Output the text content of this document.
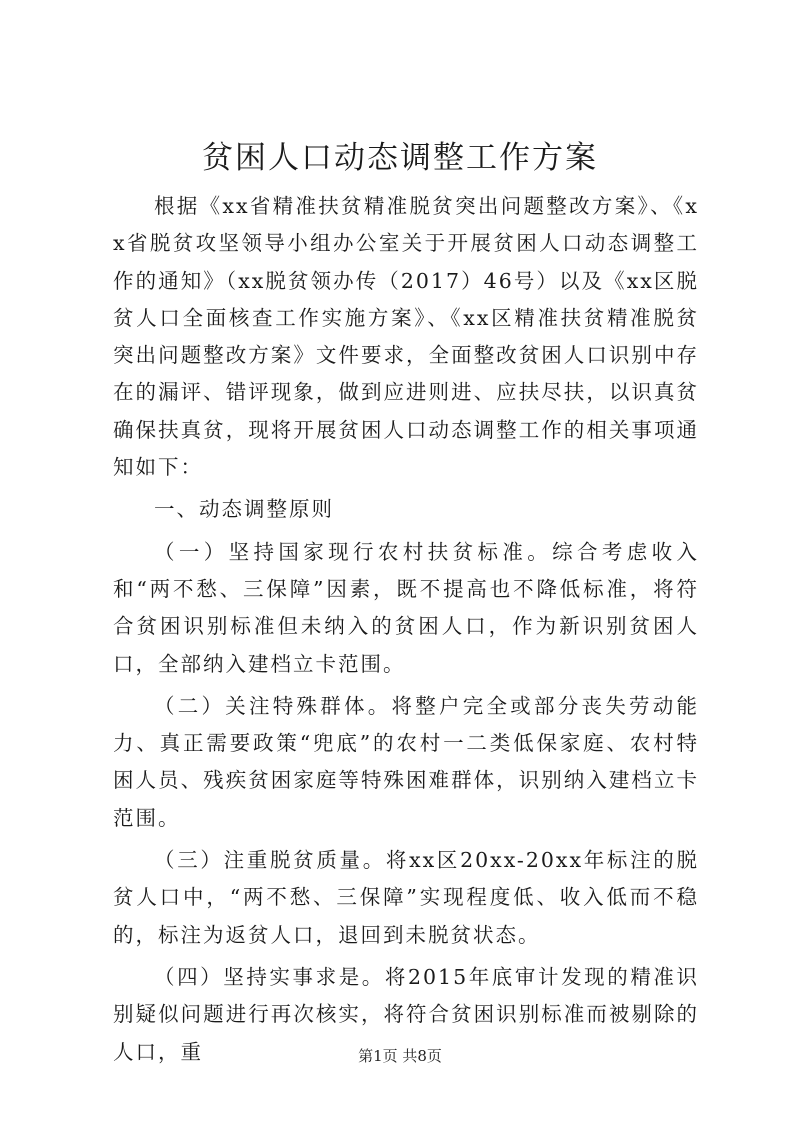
贫困人口动态调整工作方案

根据《xx省精准扶贫精准脱贫突出问题整改方案》、《xx省脱贫攻坚领导小组办公室关于开展贫困人口动态调整工作的通知》（xx脱贫领办传（2017）46号）以及《xx区脱贫人口全面核查工作实施方案》、《xx区精准扶贫精准脱贫突出问题整改方案》文件要求，全面整改贫困人口识别中存在的漏评、错评现象，做到应进则进、应扶尽扶，以识真贫确保扶真贫，现将开展贫困人口动态调整工作的相关事项通知如下：

一、动态调整原则

（一）坚持国家现行农村扶贫标准。综合考虑收入和“两不愁、三保障”因素，既不提高也不降低标准，将符合贫困识别标准但未纳入的贫困人口，作为新识别贫困人口，全部纳入建档立卡范围。

（二）关注特殊群体。将整户完全或部分丧失劳动能力、真正需要政策“兜底”的农村一二类低保家庭、农村特困人员、残疾贫困家庭等特殊困难群体，识别纳入建档立卡范围。

（三）注重脱贫质量。将xx区20xx-20xx年标注的脱贫人口中，“两不愁、三保障”实现程度低、收入低而不稳的，标注为返贫人口，退回到未脱贫状态。

（四）坚持实事求是。将2015年底审计发现的精准识别疑似问题进行再次核实，将符合贫困识别标准而被剔除的人口，重	第1页 共8页
